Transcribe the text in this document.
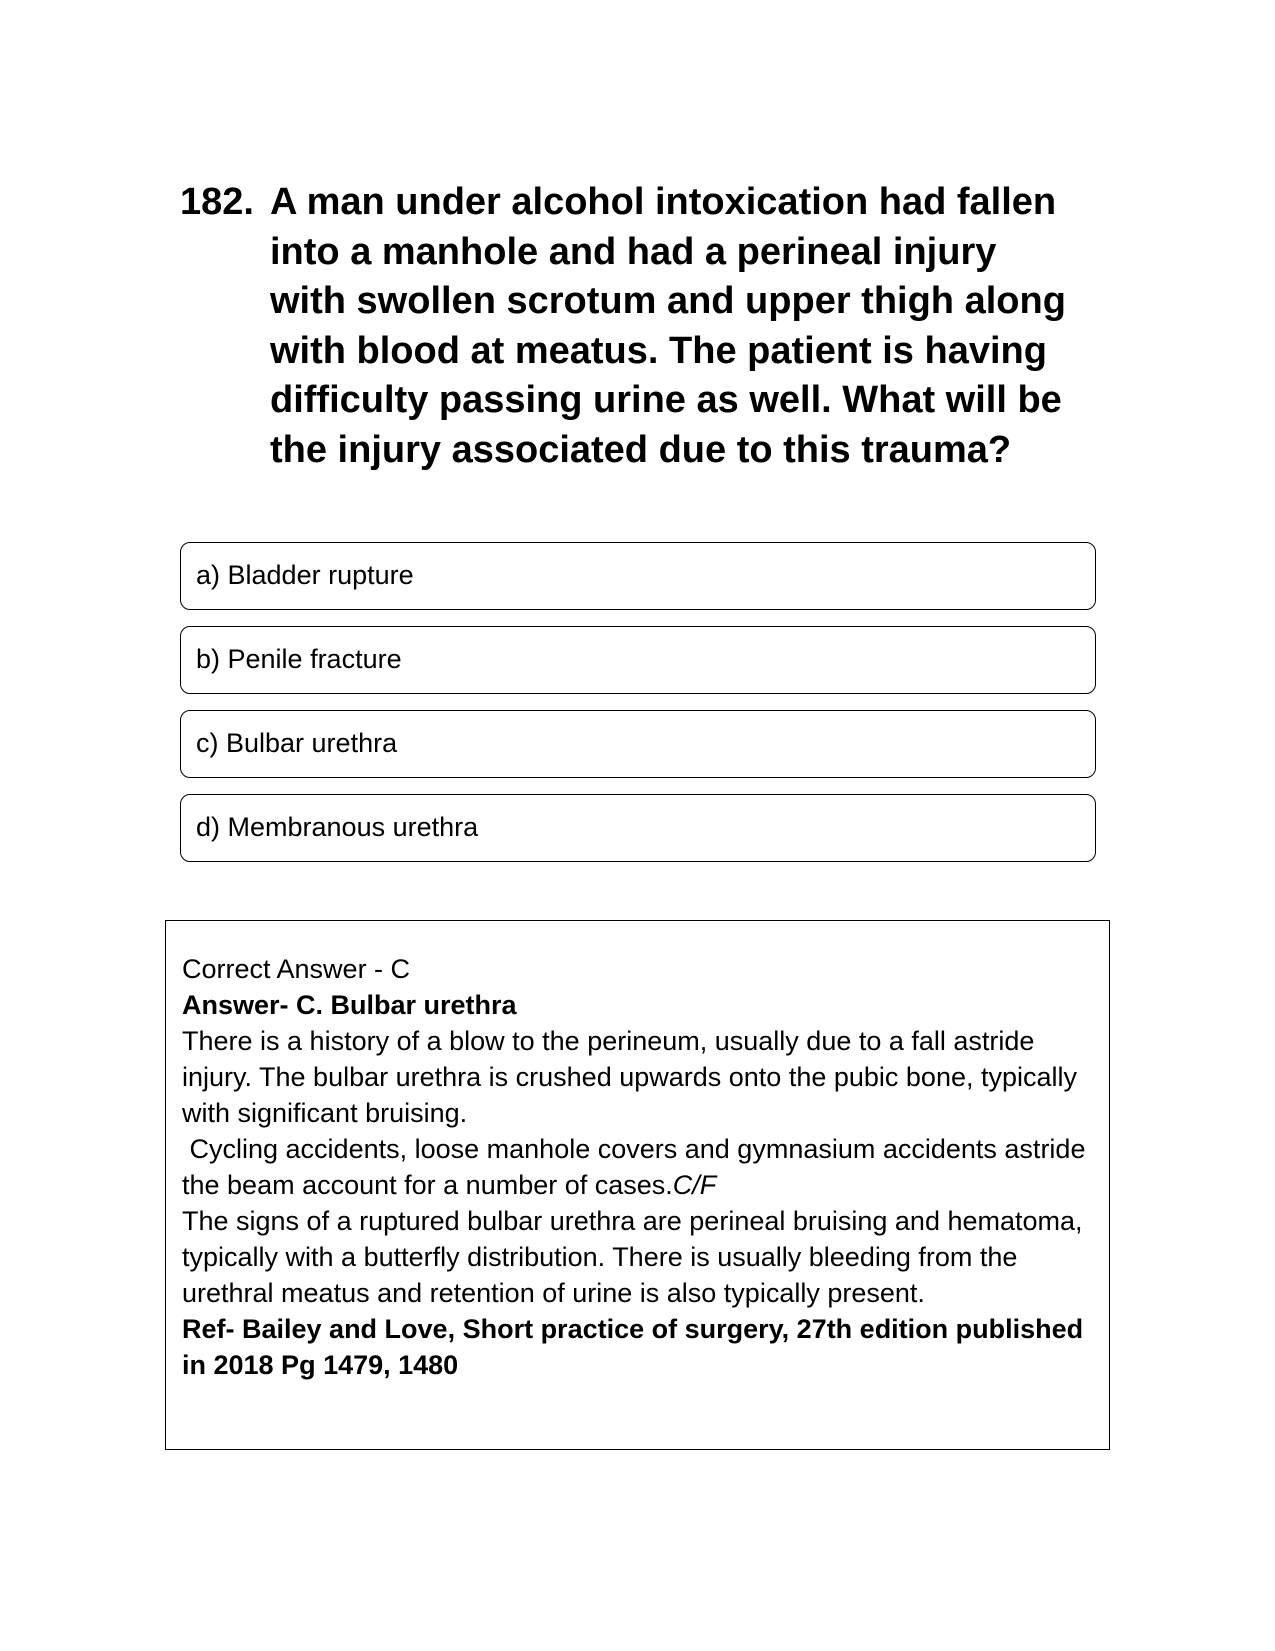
182. A man under alcohol intoxication had fallen into a manhole and had a perineal injury with swollen scrotum and upper thigh along with blood at meatus. The patient is having difficulty passing urine as well. What will be the injury associated due to this trauma?
a) Bladder rupture
b) Penile fracture
c) Bulbar urethra
d) Membranous urethra

Correct Answer - C

Answer- C. Bulbar urethra

There is a history of a blow to the perineum, usually due to a fall astride injury. The bulbar urethra is crushed upwards onto the pubic bone, typically with significant bruising.

Cycling accidents, loose manhole covers and gymnasium accidents astride the beam account for a number of cases.C/F

The signs of a ruptured bulbar urethra are perineal bruising and hematoma, typically with a butterfly distribution. There is usually bleeding from the urethral meatus and retention of urine is also typically present.

Ref- Bailey and Love, Short practice of surgery, 27th edition published in 2018 Pg 1479, 1480
